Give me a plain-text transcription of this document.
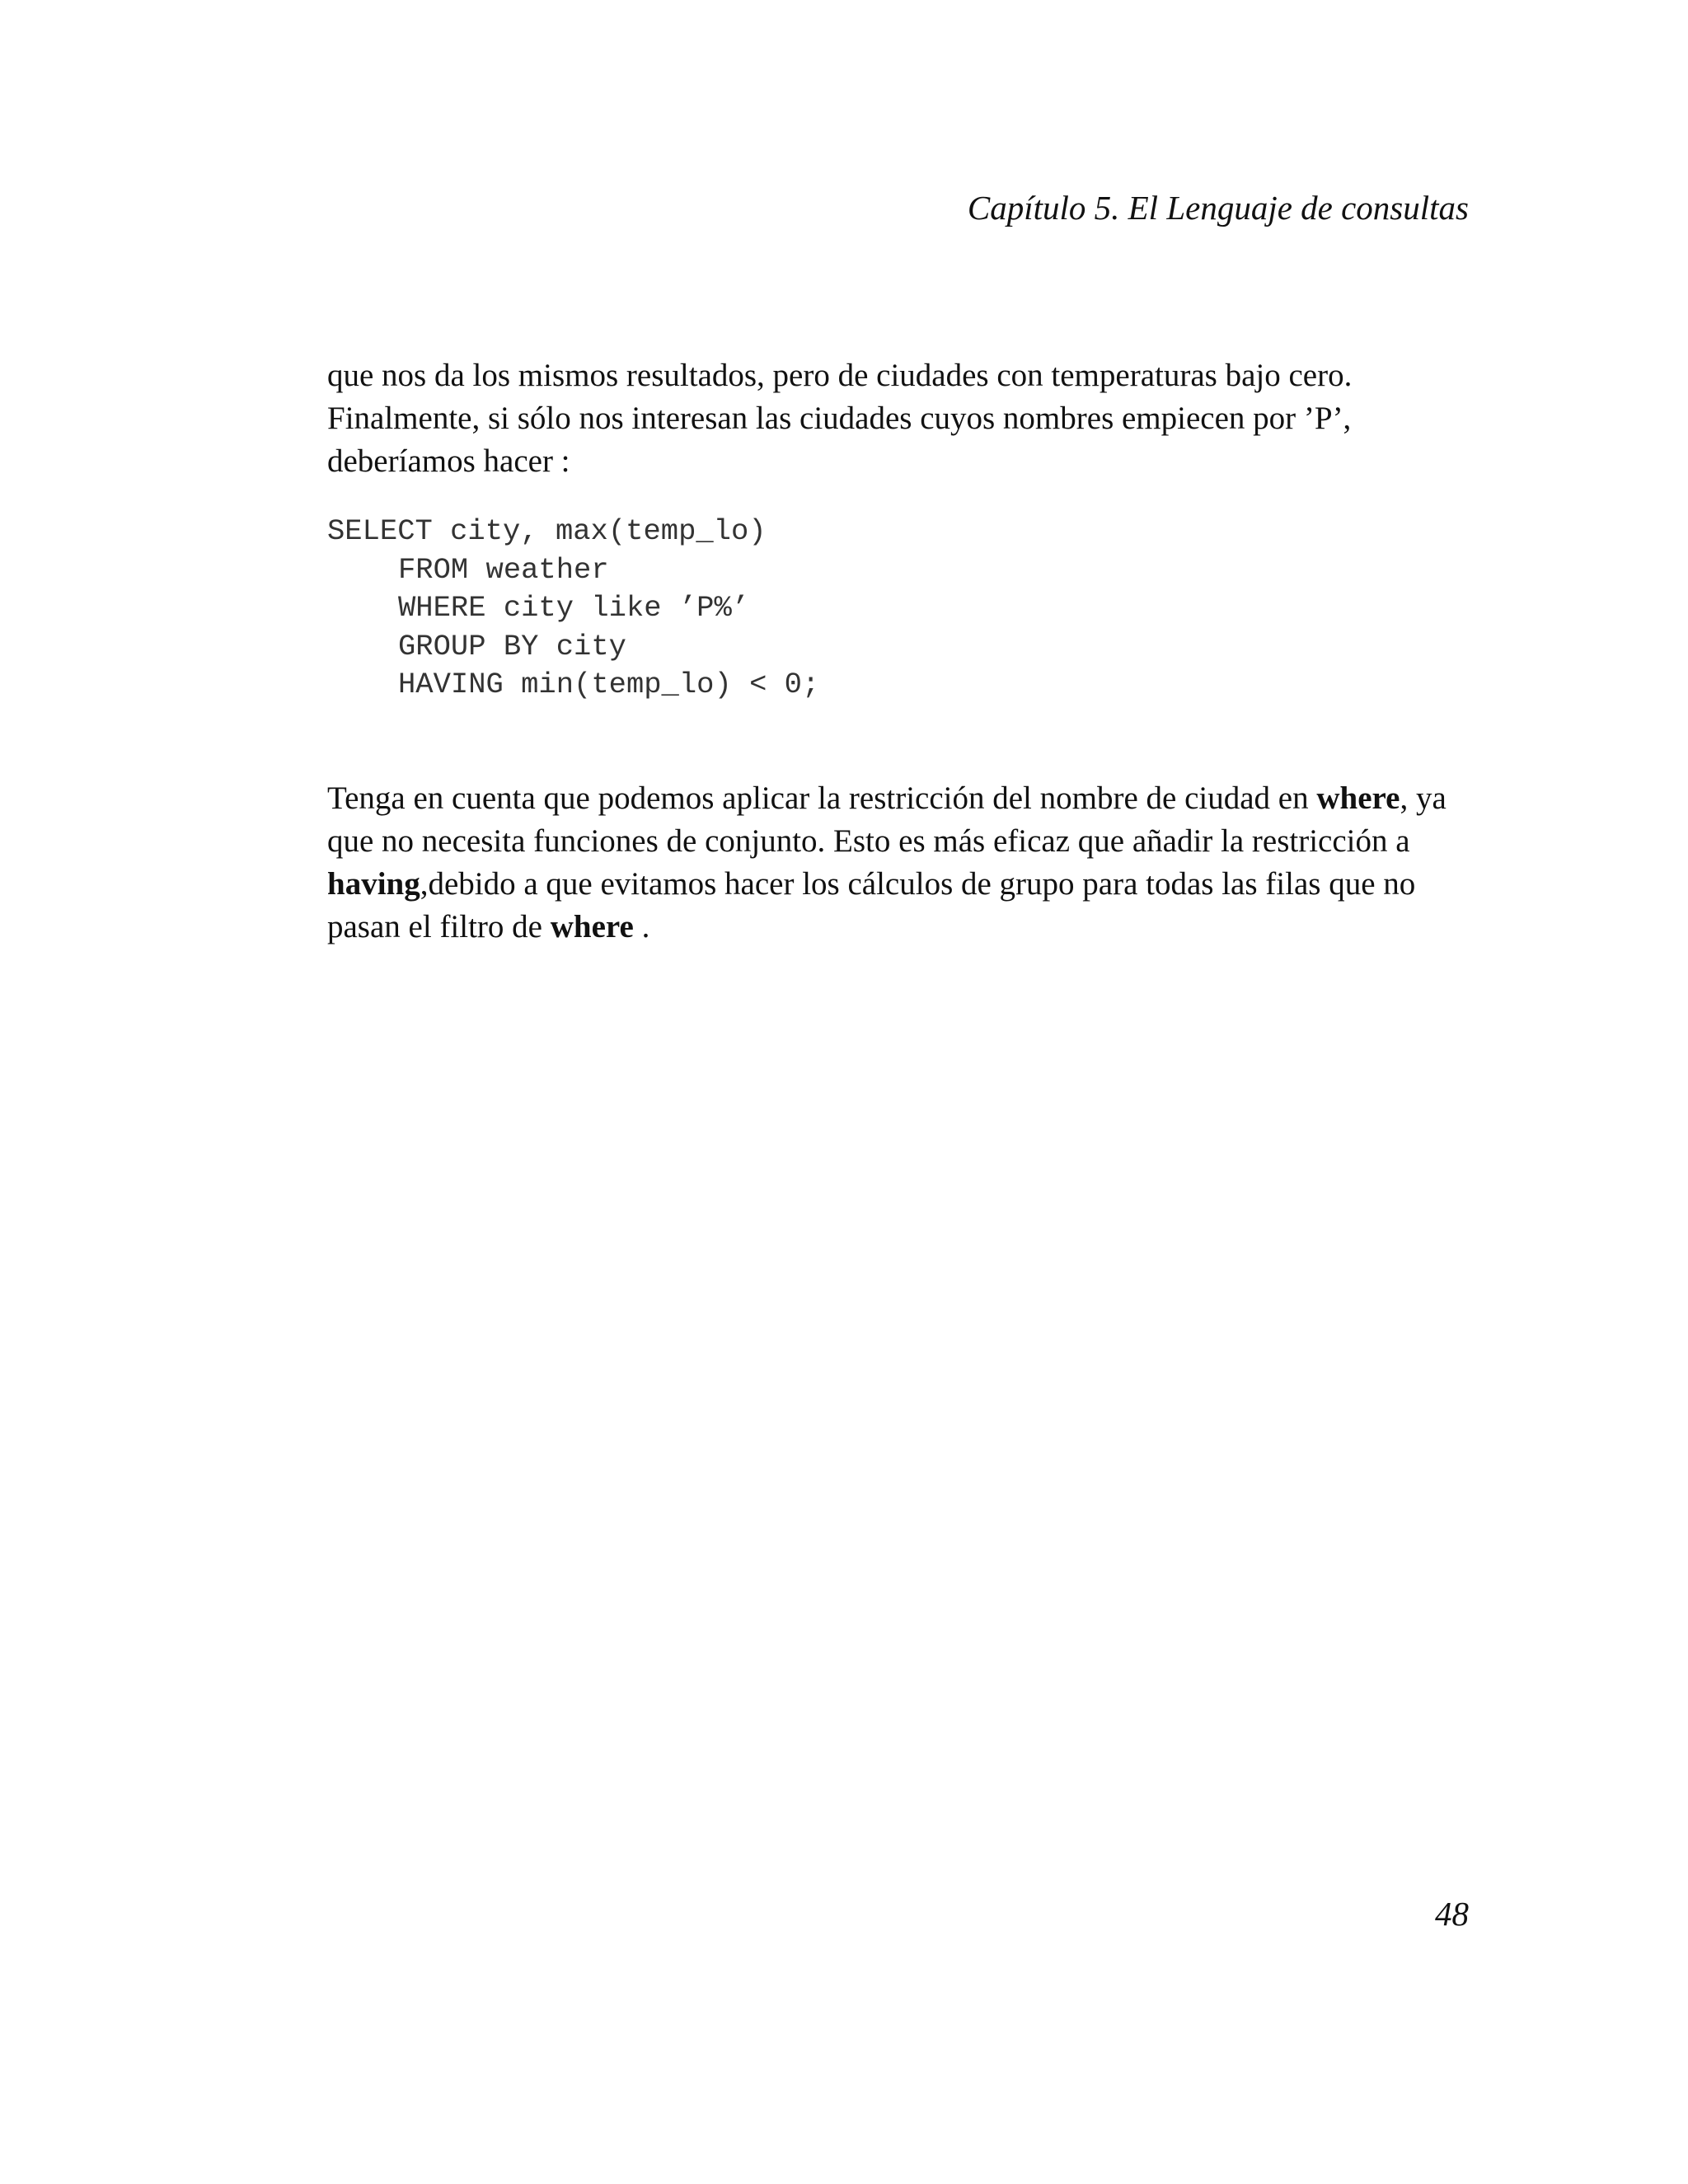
Capítulo 5. El Lenguaje de consultas
que nos da los mismos resultados, pero de ciudades con temperaturas bajo cero.
Finalmente, si sólo nos interesan las ciudades cuyos nombres empiecen por ’P’,
deberíamos hacer :
SELECT city, max(temp_lo)
FROM weather
WHERE city like ’P%’
GROUP BY city
HAVING min(temp_lo) < 0;
Tenga en cuenta que podemos aplicar la restricción del nombre de ciudad en where, ya
que no necesita funciones de conjunto. Esto es más eficaz que añadir la restricción a
having,debido a que evitamos hacer los cálculos de grupo para todas las filas que no
pasan el filtro de where .
48
